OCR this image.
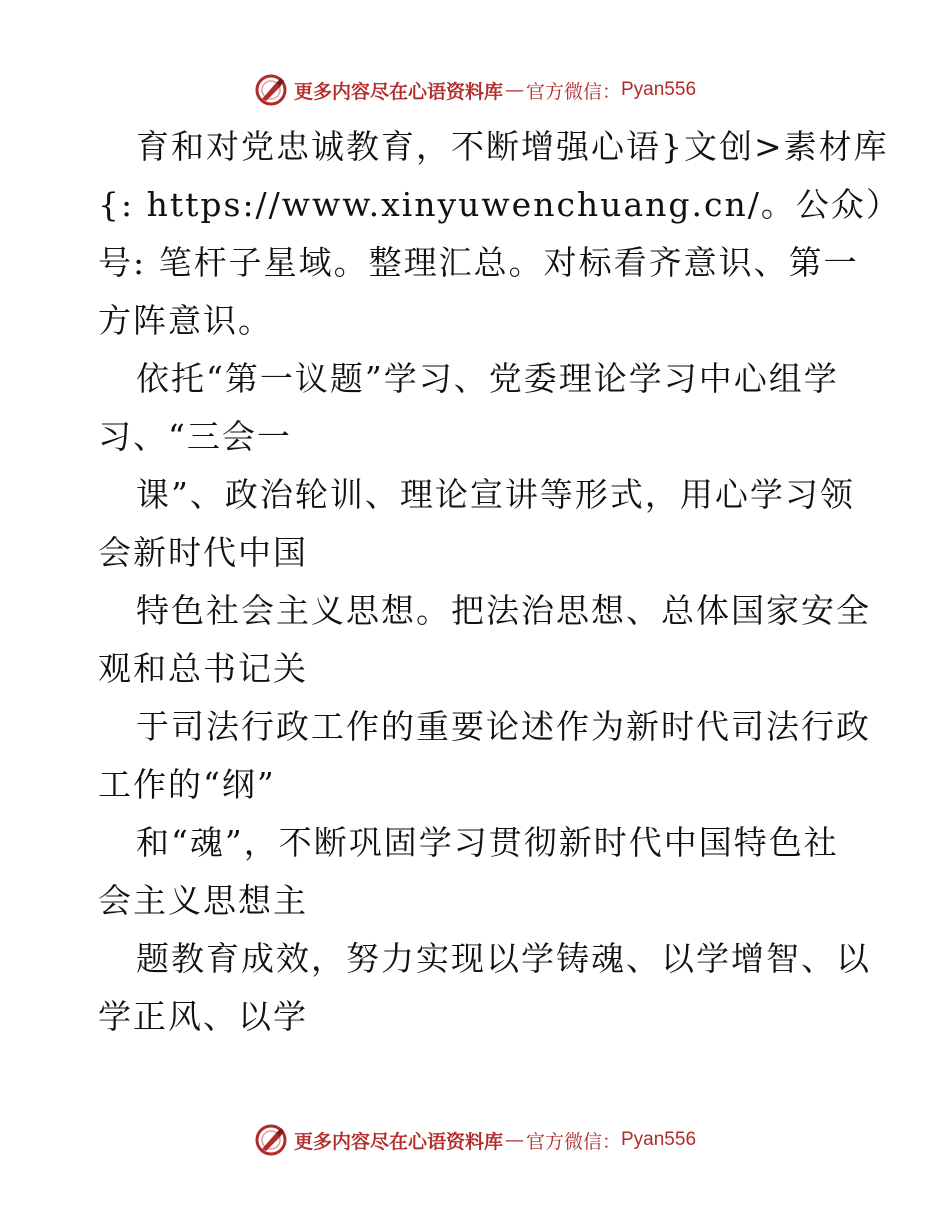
更多内容尽在心语资料库 — 官方微信： Pyan556
育和对党忠诚教育，不断增强心语}文创>素材库
{: https://www.xinyuwenchuang.cn/。公众）
号: 笔杆子星域。整理汇总。对标看齐意识、第一
方阵意识。
依托“第一议题”学习、党委理论学习中心组学
习、“三会一
课”、政治轮训、理论宣讲等形式，用心学习领
会新时代中国
特色社会主义思想。把法治思想、总体国家安全
观和总书记关
于司法行政工作的重要论述作为新时代司法行政
工作的“纲”
和“魂”，不断巩固学习贯彻新时代中国特色社
会主义思想主
题教育成效，努力实现以学铸魂、以学增智、以
学正风、以学
更多内容尽在心语资料库 — 官方微信： Pyan556
